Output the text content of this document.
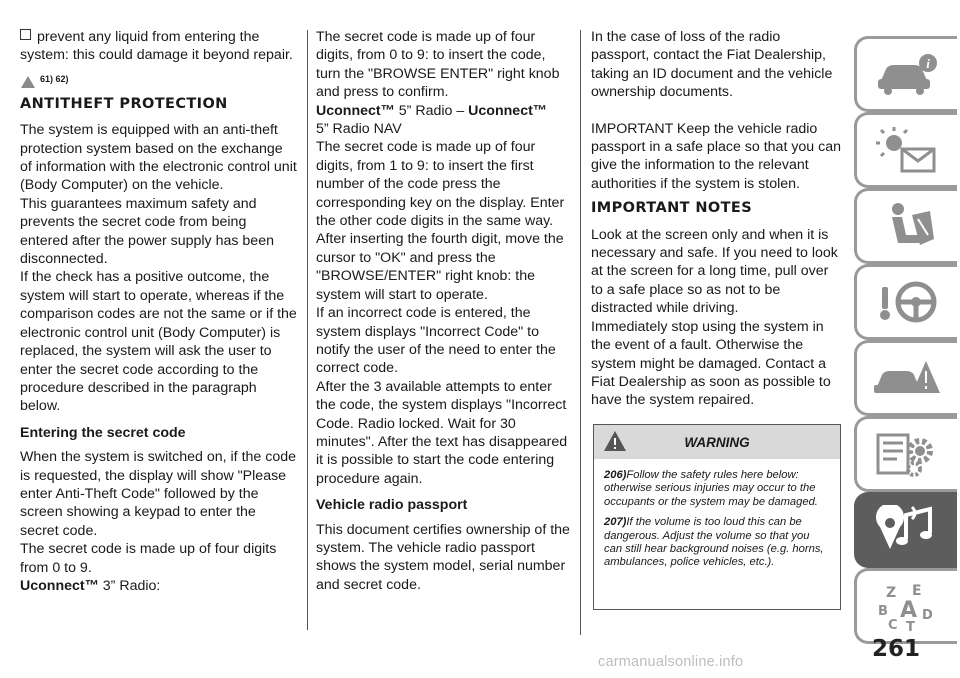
prevent any liquid from entering the system: this could damage it beyond repair.

61) 62)
ANTITHEFT PROTECTION

The system is equipped with an anti-theft protection system based on the exchange of information with the electronic control unit (Body Computer) on the vehicle.

This guarantees maximum safety and prevents the secret code from being entered after the power supply has been disconnected.

If the check has a positive outcome, the system will start to operate, whereas if the comparison codes are not the same or if the electronic control unit (Body Computer) is replaced, the system will ask the user to enter the secret code according to the procedure described in the paragraph below.

Entering the secret code

When the system is switched on, if the code is requested, the display will show "Please enter Anti-Theft Code" followed by the screen showing a keypad to enter the secret code.

The secret code is made up of four digits from 0 to 9.

Uconnect™ 3” Radio:

The secret code is made up of four digits, from 0 to 9: to insert the code, turn the "BROWSE ENTER" right knob and press to confirm.

Uconnect™ 5” Radio – Uconnect™
5” Radio NAV

The secret code is made up of four digits, from 1 to 9: to insert the first number of the code press the corresponding key on the display. Enter the other code digits in the same way. After inserting the fourth digit, move the cursor to "OK" and press the "BROWSE/ENTER" right knob: the system will start to operate.

If an incorrect code is entered, the system displays "Incorrect Code" to notify the user of the need to enter the correct code.

After the 3 available attempts to enter the code, the system displays "Incorrect Code. Radio locked. Wait for 30 minutes". After the text has disappeared it is possible to start the code entering procedure again.

Vehicle radio passport

This document certifies ownership of the system. The vehicle radio passport shows the system model, serial number and secret code.

In the case of loss of the radio passport, contact the Fiat Dealership, taking an ID document and the vehicle ownership documents.

IMPORTANT Keep the vehicle radio passport in a safe place so that you can give the information to the relevant authorities if the system is stolen.

IMPORTANT NOTES

Look at the screen only and when it is necessary and safe. If you need to look at the screen for a long time, pull over to a safe place so as not to be distracted while driving.

Immediately stop using the system in the event of a fault. Otherwise the system might be damaged. Contact a Fiat Dealership as soon as possible to have the system repaired.

WARNING
206)Follow the safety rules here below: otherwise serious injuries may occur to the occupants or the system may be damaged.
207)If the volume is too loud this can be dangerous. Adjust the volume so that you can still hear background noises (e.g. horns, ambulances, police vehicles, etc.).
i
Z E
B A
C
D
T
261
carmanualsonline.info
